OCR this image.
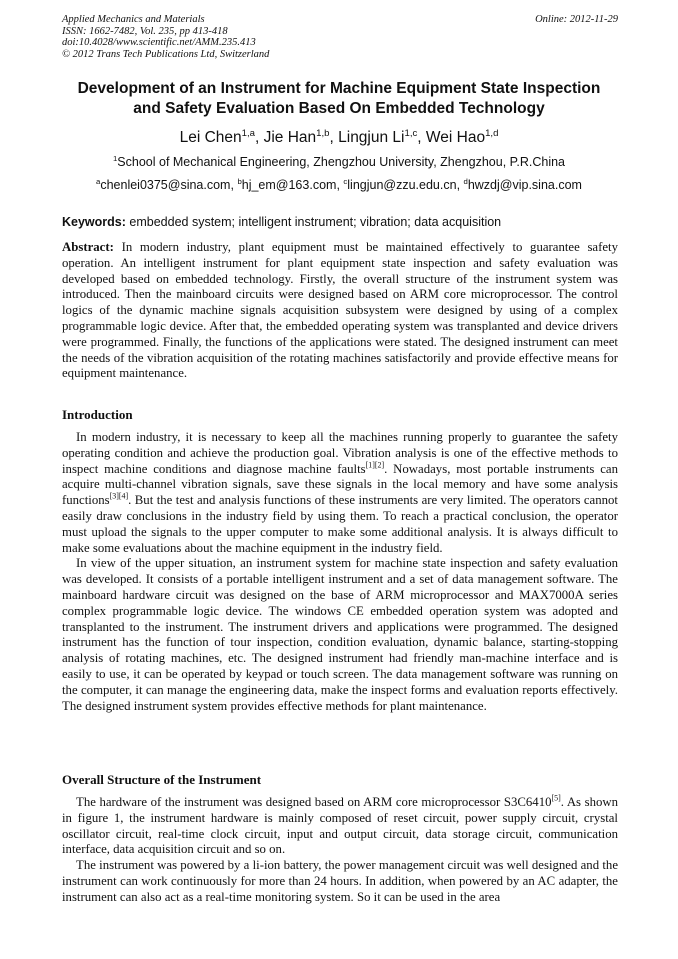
Applied Mechanics and Materials
ISSN: 1662-7482, Vol. 235, pp 413-418
doi:10.4028/www.scientific.net/AMM.235.413
© 2012 Trans Tech Publications Ltd, Switzerland
Online: 2012-11-29
Development of an Instrument for Machine Equipment State Inspection
and Safety Evaluation Based On Embedded Technology
Lei Chen$^{1,a}$, Jie Han$^{1,b}$, Lingjun Li$^{1,c}$, Wei Hao$^{1,d}$
$^1$School of Mechanical Engineering, Zhengzhou University, Zhengzhou, P.R.China
$^a$chenlei0375@sina.com, $^b$hj_em@163.com, $^c$lingjun@zzu.edu.cn, $^d$hwzdj@vip.sina.com
Keywords: embedded system; intelligent instrument; vibration; data acquisition

Abstract: In modern industry, plant equipment must be maintained effectively to guarantee safety operation. An intelligent instrument for plant equipment state inspection and safety evaluation was developed based on embedded technology. Firstly, the overall structure of the instrument system was introduced. Then the mainboard circuits were designed based on ARM core microprocessor. The control logics of the dynamic machine signals acquisition subsystem were designed by using of a complex programmable logic device. After that, the embedded operating system was transplanted and device drivers were programmed. Finally, the functions of the applications were stated. The designed instrument can meet the needs of the vibration acquisition of the rotating machines satisfactorily and provide effective means for equipment maintenance.

Introduction

In modern industry, it is necessary to keep all the machines running properly to guarantee the safety operating condition and achieve the production goal. Vibration analysis is one of the effective methods to inspect machine conditions and diagnose machine faults[1][2]. Nowadays, most portable instruments can acquire multi-channel vibration signals, save these signals in the local memory and have some analysis functions[3][4]. But the test and analysis functions of these instruments are very limited. The operators cannot easily draw conclusions in the industry field by using them. To reach a practical conclusion, the operator must upload the signals to the upper computer to make some additional analysis. It is always difficult to make some evaluations about the machine equipment in the industry field.

In view of the upper situation, an instrument system for machine state inspection and safety evaluation was developed. It consists of a portable intelligent instrument and a set of data management software. The mainboard hardware circuit was designed on the base of ARM microprocessor and MAX7000A series complex programmable logic device. The windows CE embedded operation system was adopted and transplanted to the instrument. The instrument drivers and applications were programmed. The designed instrument has the function of tour inspection, condition evaluation, dynamic balance, starting-stopping analysis of rotating machines, etc. The designed instrument had friendly man-machine interface and is easily to use, it can be operated by keypad or touch screen. The data management software was running on the computer, it can manage the engineering data, make the inspect forms and evaluation reports effectively. The designed instrument system provides effective methods for plant maintenance.

Overall Structure of the Instrument

The hardware of the instrument was designed based on ARM core microprocessor S3C6410[5]. As shown in figure 1, the instrument hardware is mainly composed of reset circuit, power supply circuit, crystal oscillator circuit, real-time clock circuit, input and output circuit, data storage circuit, communication interface, data acquisition circuit and so on.

The instrument was powered by a li-ion battery, the power management circuit was well designed and the instrument can work continuously for more than 24 hours. In addition, when powered by an AC adapter, the instrument can also act as a real-time monitoring system. So it can be used in the area
